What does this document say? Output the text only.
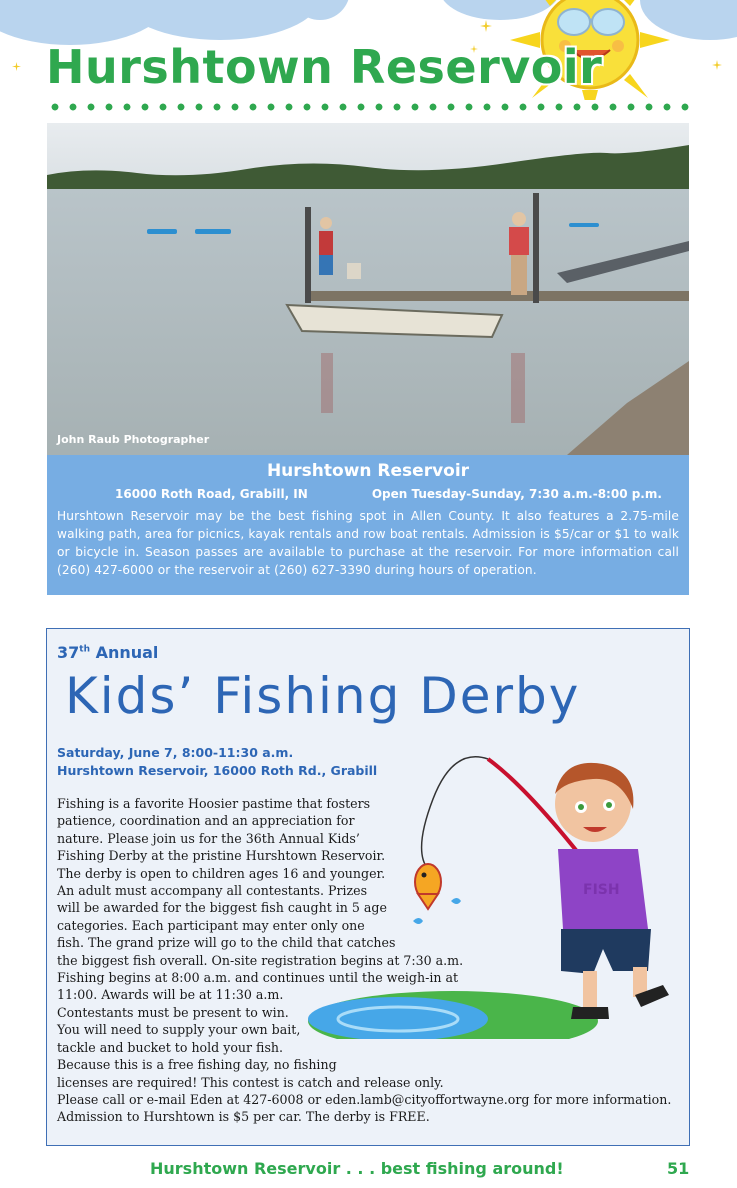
Hurshtown Reservoir
John Raub Photographer
Hurshtown Reservoir
16000 Roth Road, Grabill, IN	Open Tuesday-Sunday, 7:30 a.m.-8:00 p.m.
Hurshtown Reservoir may be the best fishing spot in Allen County. It also features a 2.75-mile walking path, area for picnics, kayak rentals and row boat rentals. Admission is $5/car or $1 to walk or bicycle in. Season passes are available to purchase at the reservoir. For more information call (260) 427-6000 or the reservoir at (260) 627-3390 during hours of operation.
37th Annual
Kids’ Fishing Derby
Saturday, June 7, 8:00-11:30 a.m.
Hurshtown Reservoir, 16000 Roth Rd., Grabill
FISH
Fishing is a favorite Hoosier pastime that fosters
patience, coordination and an appreciation for
nature. Please join us for the 36th Annual Kids’
Fishing Derby at the pristine Hurshtown Reservoir.
The derby is open to children ages 16 and younger.
An adult must accompany all contestants. Prizes
will be awarded for the biggest fish caught in 5 age
categories. Each participant may enter only one
fish. The grand prize will go to the child that catches
the biggest fish overall. On-site registration begins at 7:30 a.m.
Fishing begins at 8:00 a.m. and continues until the weigh-in at
11:00. Awards will be at 11:30 a.m.
Contestants must be present to win.
You will need to supply your own bait,
tackle and bucket to hold your fish.
Because this is a free fishing day, no fishing
licenses are required! This contest is catch and release only.
Please call or e-mail Eden at 427-6008 or eden.lamb@cityoffortwayne.org for more information.
Admission to Hurshtown is $5 per car. The derby is FREE.
Hurshtown Reservoir . . . best fishing around!	51
